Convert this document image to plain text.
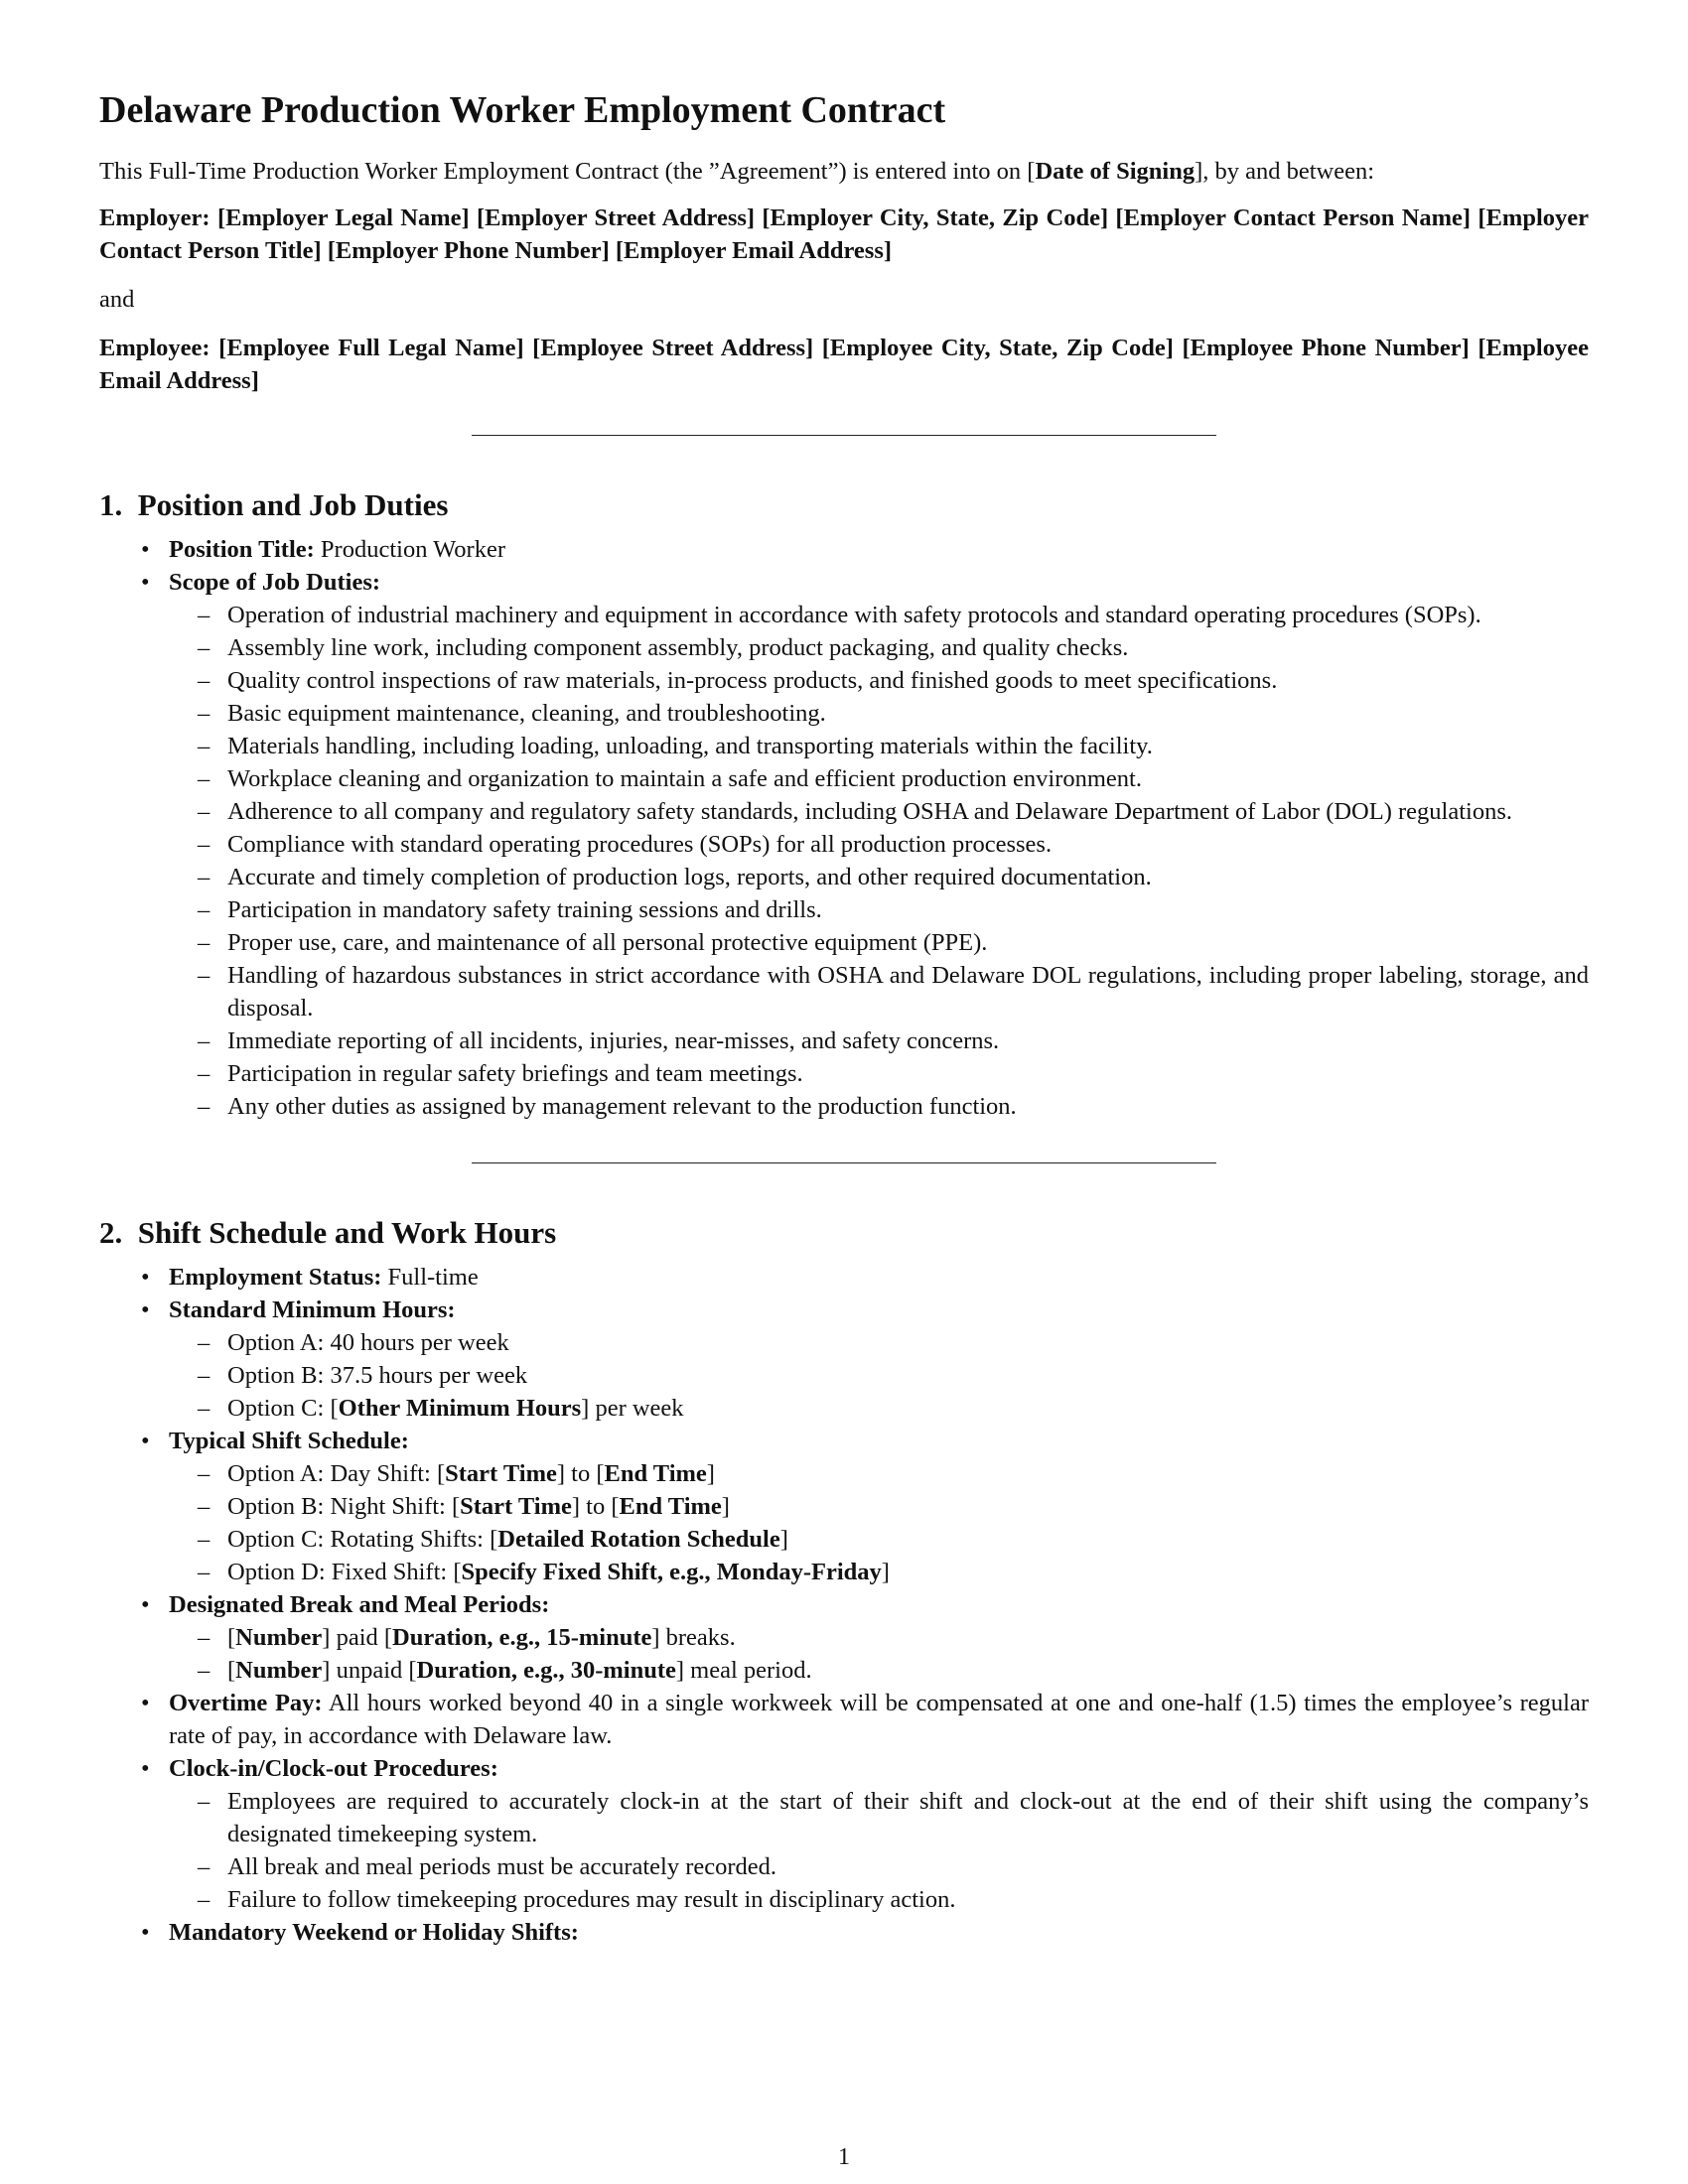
Delaware Production Worker Employment Contract

This Full-Time Production Worker Employment Contract (the ”Agreement”) is entered into on [Date of Signing], by and between:

Employer: [Employer Legal Name] [Employer Street Address] [Employer City, State, Zip Code] [Employer Contact Person Name] [Employer Contact Person Title] [Employer Phone Number] [Employer Email Address]

and

Employee: [Employee Full Legal Name] [Employee Street Address] [Employee City, State, Zip Code] [Employee Phone Number] [Employee Email Address]

1. Position and Job Duties
• Position Title: Production Worker
• Scope of Job Duties:
– Operation of industrial machinery and equipment in accordance with safety protocols and standard operating procedures (SOPs).
– Assembly line work, including component assembly, product packaging, and quality checks.
– Quality control inspections of raw materials, in-process products, and finished goods to meet specifications.
– Basic equipment maintenance, cleaning, and troubleshooting.
– Materials handling, including loading, unloading, and transporting materials within the facility.
– Workplace cleaning and organization to maintain a safe and efficient production environment.
– Adherence to all company and regulatory safety standards, including OSHA and Delaware Department of Labor (DOL) regulations.
– Compliance with standard operating procedures (SOPs) for all production processes.
– Accurate and timely completion of production logs, reports, and other required documentation.
– Participation in mandatory safety training sessions and drills.
– Proper use, care, and maintenance of all personal protective equipment (PPE).
– Handling of hazardous substances in strict accordance with OSHA and Delaware DOL regulations, including proper labeling, storage, and disposal.
– Immediate reporting of all incidents, injuries, near-misses, and safety concerns.
– Participation in regular safety briefings and team meetings.
– Any other duties as assigned by management relevant to the production function.
2. Shift Schedule and Work Hours
• Employment Status: Full-time
• Standard Minimum Hours:
– Option A: 40 hours per week
– Option B: 37.5 hours per week
– Option C: [Other Minimum Hours] per week
• Typical Shift Schedule:
– Option A: Day Shift: [Start Time] to [End Time]
– Option B: Night Shift: [Start Time] to [End Time]
– Option C: Rotating Shifts: [Detailed Rotation Schedule]
– Option D: Fixed Shift: [Specify Fixed Shift, e.g., Monday-Friday]
• Designated Break and Meal Periods:
– [Number] paid [Duration, e.g., 15-minute] breaks.
– [Number] unpaid [Duration, e.g., 30-minute] meal period.
• Overtime Pay: All hours worked beyond 40 in a single workweek will be compensated at one and one-half (1.5) times the employee’s regular rate of pay, in accordance with Delaware law.
• Clock-in/Clock-out Procedures:
– Employees are required to accurately clock-in at the start of their shift and clock-out at the end of their shift using the company’s designated timekeeping system.
– All break and meal periods must be accurately recorded.
– Failure to follow timekeeping procedures may result in disciplinary action.
• Mandatory Weekend or Holiday Shifts:
1
